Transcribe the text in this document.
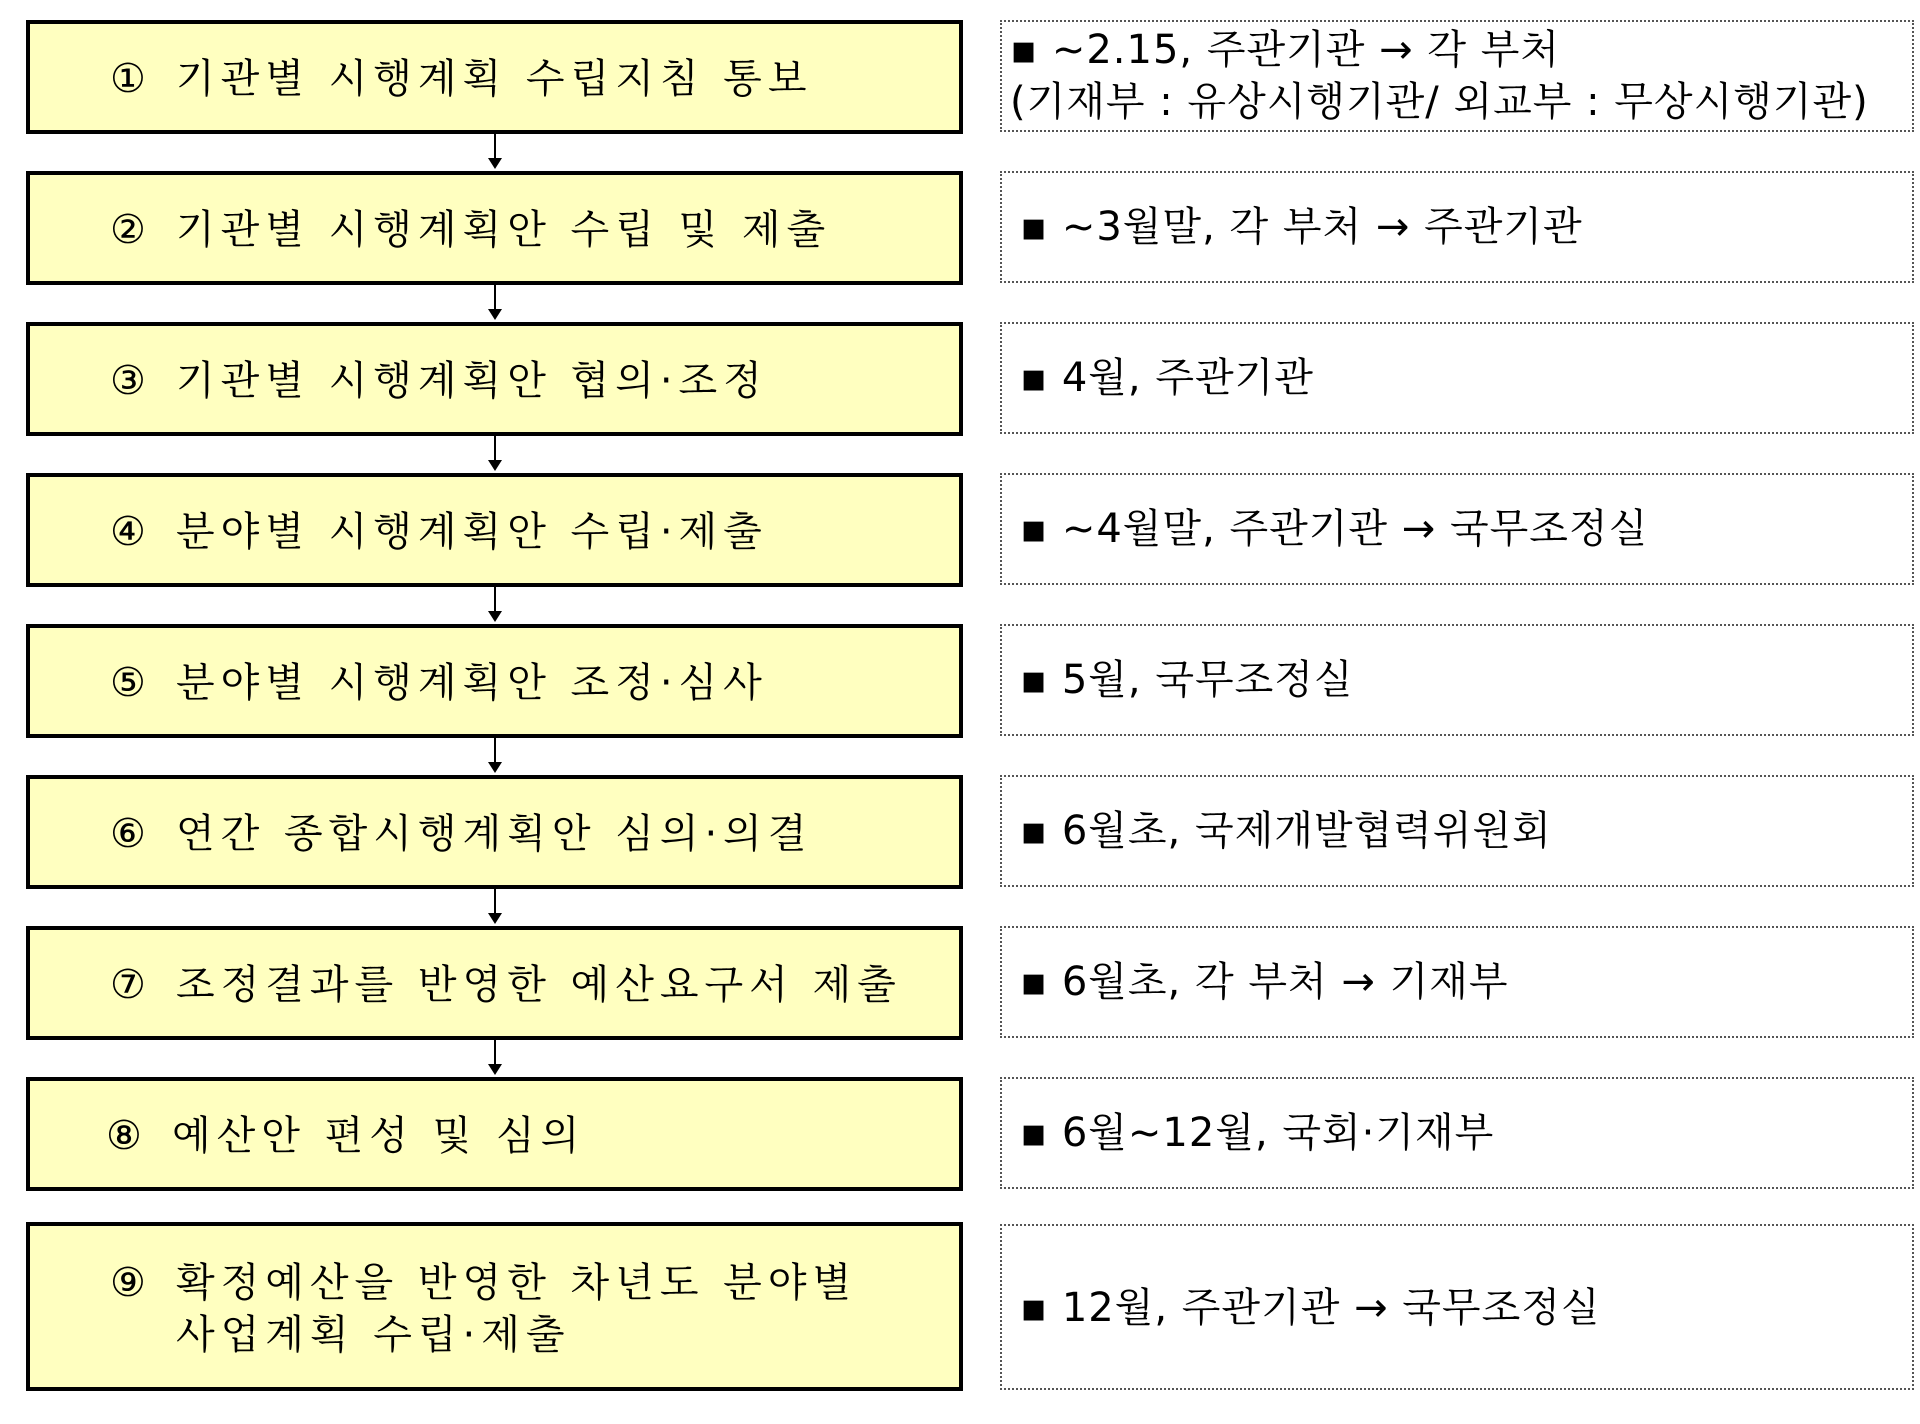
① 기관별 시행계획 수립지침 통보
▪ ~2.15, 주관기관 → 각 부처
(기재부 : 유상시행기관/ 외교부 : 무상시행기관)
② 기관별 시행계획안 수립 및 제출	▪ ~3월말, 각 부처 → 주관기관
③ 기관별 시행계획안 협의·조정	▪ 4월, 주관기관
④ 분야별 시행계획안 수립·제출	▪ ~4월말, 주관기관 → 국무조정실
⑤ 분야별 시행계획안 조정·심사	▪ 5월, 국무조정실
⑥ 연간 종합시행계획안 심의·의결	▪ 6월초, 국제개발협력위원회
⑦ 조정결과를 반영한 예산요구서 제출	▪ 6월초, 각 부처 → 기재부
⑧ 예산안 편성 및 심의	▪ 6월~12월, 국회·기재부
⑨ 확정예산을 반영한 차년도 분야별
사업계획 수립·제출
▪ 12월, 주관기관 → 국무조정실
